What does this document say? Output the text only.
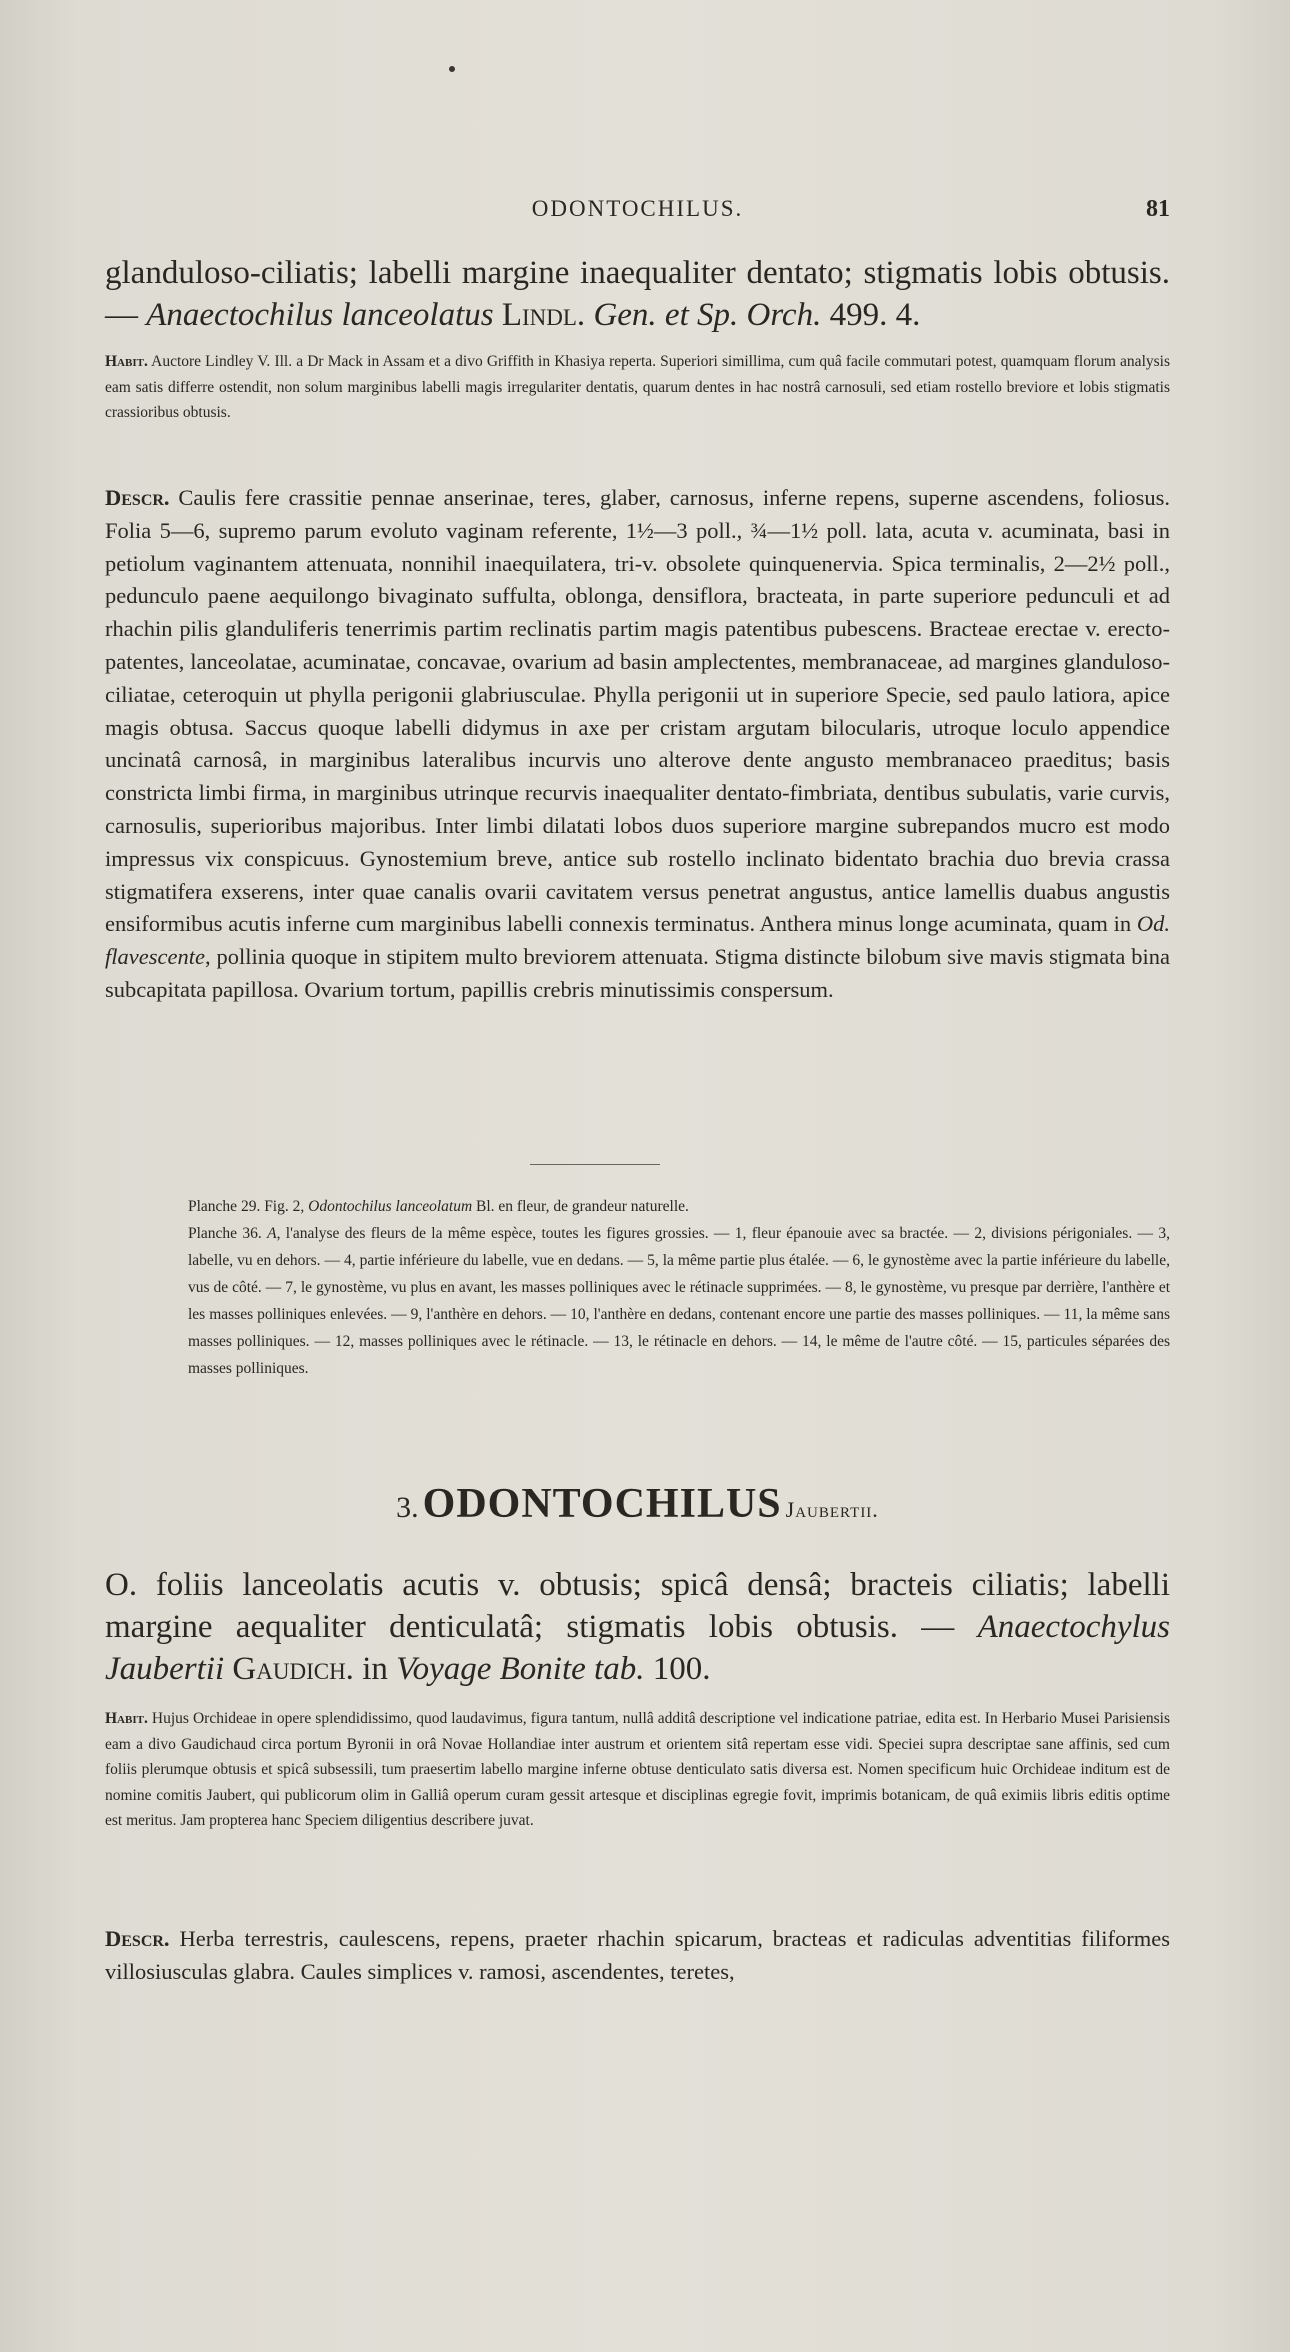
ODONTOCHILUS.	81
glanduloso-ciliatis; labelli margine inaequaliter dentato; stigmatis lobis obtusis. — Anaectochilus lanceolatus Lindl. Gen. et Sp. Orch. 499. 4.
Habit. Auctore Lindley V. Ill. a Dr Mack in Assam et a divo Griffith in Khasiya reperta. Superiori simillima, cum quâ facile commutari potest, quamquam florum analysis eam satis differre ostendit, non solum marginibus labelli magis irregulariter dentatis, quarum dentes in hac nostrâ carnosuli, sed etiam rostello breviore et lobis stigmatis crassioribus obtusis.
Descr. Caulis fere crassitie pennae anserinae, teres, glaber, carnosus, inferne repens, superne ascendens, foliosus. Folia 5—6, supremo parum evoluto vaginam referente, 1½—3 poll., ¾—1½ poll. lata, acuta v. acuminata, basi in petiolum vaginantem attenuata, nonnihil inaequilatera, tri-v. obsolete quinquenervia. Spica terminalis, 2—2½ poll., pedunculo paene aequilongo bivaginato suffulta, oblonga, densiflora, bracteata, in parte superiore pedunculi et ad rhachin pilis glanduliferis tenerrimis partim reclinatis partim magis patentibus pubescens. Bracteae erectae v. erecto-patentes, lanceolatae, acuminatae, concavae, ovarium ad basin amplectentes, membranaceae, ad margines glanduloso-ciliatae, ceteroquin ut phylla perigonii glabriusculae. Phylla perigonii ut in superiore Specie, sed paulo latiora, apice magis obtusa. Saccus quoque labelli didymus in axe per cristam argutam bilocularis, utroque loculo appendice uncinatâ carnosâ, in marginibus lateralibus incurvis uno alterove dente angusto membranaceo praeditus; basis constricta limbi firma, in marginibus utrinque recurvis inaequaliter dentato-fimbriata, dentibus subulatis, varie curvis, carnosulis, superioribus majoribus. Inter limbi dilatati lobos duos superiore margine subrepandos mucro est modo impressus vix conspicuus. Gynostemium breve, antice sub rostello inclinato bidentato brachia duo brevia crassa stigmatifera exserens, inter quae canalis ovarii cavitatem versus penetrat angustus, antice lamellis duabus angustis ensiformibus acutis inferne cum marginibus labelli connexis terminatus. Anthera minus longe acuminata, quam in Od. flavescente, pollinia quoque in stipitem multo breviorem attenuata. Stigma distincte bilobum sive mavis stigmata bina subcapitata papillosa. Ovarium tortum, papillis crebris minutissimis conspersum.

Planche 29. Fig. 2, Odontochilus lanceolatum Bl. en fleur, de grandeur naturelle.

Planche 36. A, l'analyse des fleurs de la même espèce, toutes les figures grossies. — 1, fleur épanouie avec sa bractée. — 2, divisions périgoniales. — 3, labelle, vu en dehors. — 4, partie inférieure du labelle, vue en dedans. — 5, la même partie plus étalée. — 6, le gynostème avec la partie inférieure du labelle, vus de côté. — 7, le gynostème, vu plus en avant, les masses polliniques avec le rétinacle supprimées. — 8, le gynostème, vu presque par derrière, l'anthère et les masses polliniques enlevées. — 9, l'anthère en dehors. — 10, l'anthère en dedans, contenant encore une partie des masses polliniques. — 11, la même sans masses polliniques. — 12, masses polliniques avec le rétinacle. — 13, le rétinacle en dehors. — 14, le même de l'autre côté. — 15, particules séparées des masses polliniques.

3. ODONTOCHILUS Jaubertii.
O. foliis lanceolatis acutis v. obtusis; spicâ densâ; bracteis ciliatis; labelli margine aequaliter denticulatâ; stigmatis lobis obtusis. — Anaectochylus Jaubertii Gaudich. in Voyage Bonite tab. 100.
Habit. Hujus Orchideae in opere splendidissimo, quod laudavimus, figura tantum, nullâ additâ descriptione vel indicatione patriae, edita est. In Herbario Musei Parisiensis eam a divo Gaudichaud circa portum Byronii in orâ Novae Hollandiae inter austrum et orientem sitâ repertam esse vidi. Speciei supra descriptae sane affinis, sed cum foliis plerumque obtusis et spicâ subsessili, tum praesertim labello margine inferne obtuse denticulato satis diversa est. Nomen specificum huic Orchideae inditum est de nomine comitis Jaubert, qui publicorum olim in Galliâ operum curam gessit artesque et disciplinas egregie fovit, imprimis botanicam, de quâ eximiis libris editis optime est meritus. Jam propterea hanc Speciem diligentius describere juvat.
Descr. Herba terrestris, caulescens, repens, praeter rhachin spicarum, bracteas et radiculas adventitias filiformes villosiusculas glabra. Caules simplices v. ramosi, ascendentes, teretes,
